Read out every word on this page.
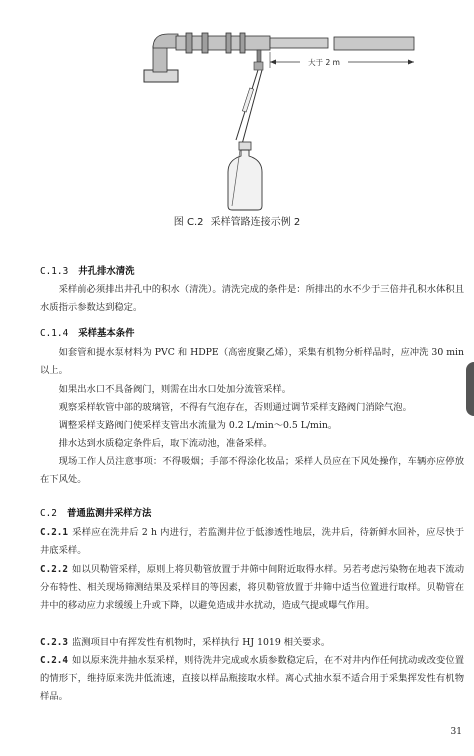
大于 2 m
图 C.2 采样管路连接示例 2
C.1.3 井孔排水清洗
采样前必须排出井孔中的积水（清洗）。清洗完成的条件是：所排出的水不少于三倍井孔积水体积且水质指示参数达到稳定。
C.1.4 采样基本条件
如套管和提水泵材料为 PVC 和 HDPE（高密度聚乙烯），采集有机物分析样品时，应冲洗 30 min 以上。
如果出水口不具备阀门，则需在出水口处加分流管采样。
观察采样软管中部的玻璃管，不得有气泡存在，否则通过调节采样支路阀门消除气泡。
调整采样支路阀门使采样支管出水流量为 0.2 L/min～0.5 L/min。
排水达到水质稳定条件后，取下流动池，准备采样。
现场工作人员注意事项：不得吸烟；手部不得涂化妆品；采样人员应在下风处操作，车辆亦应停放在下风处。
C.2 普通监测井采样方法
C.2.1 采样应在洗井后 2 h 内进行，若监测井位于低渗透性地层，洗井后，待新鲜水回补，应尽快于井底采样。
C.2.2 如以贝勒管采样，原则上将贝勒管放置于井筛中间附近取得水样。另若考虑污染物在地表下流动分布特性、相关现场筛测结果及采样目的等因素，将贝勒管放置于井筛中适当位置进行取样。贝勒管在井中的移动应力求缓缓上升或下降，以避免造成井水扰动，造成气提或曝气作用。
C.2.3 监测项目中有挥发性有机物时，采样执行 HJ 1019 相关要求。
C.2.4 如以原来洗井抽水泵采样，则待洗井完成或水质参数稳定后，在不对井内作任何扰动或改变位置的情形下，维持原来洗井低流速，直接以样品瓶接取水样。离心式抽水泵不适合用于采集挥发性有机物样品。
31
